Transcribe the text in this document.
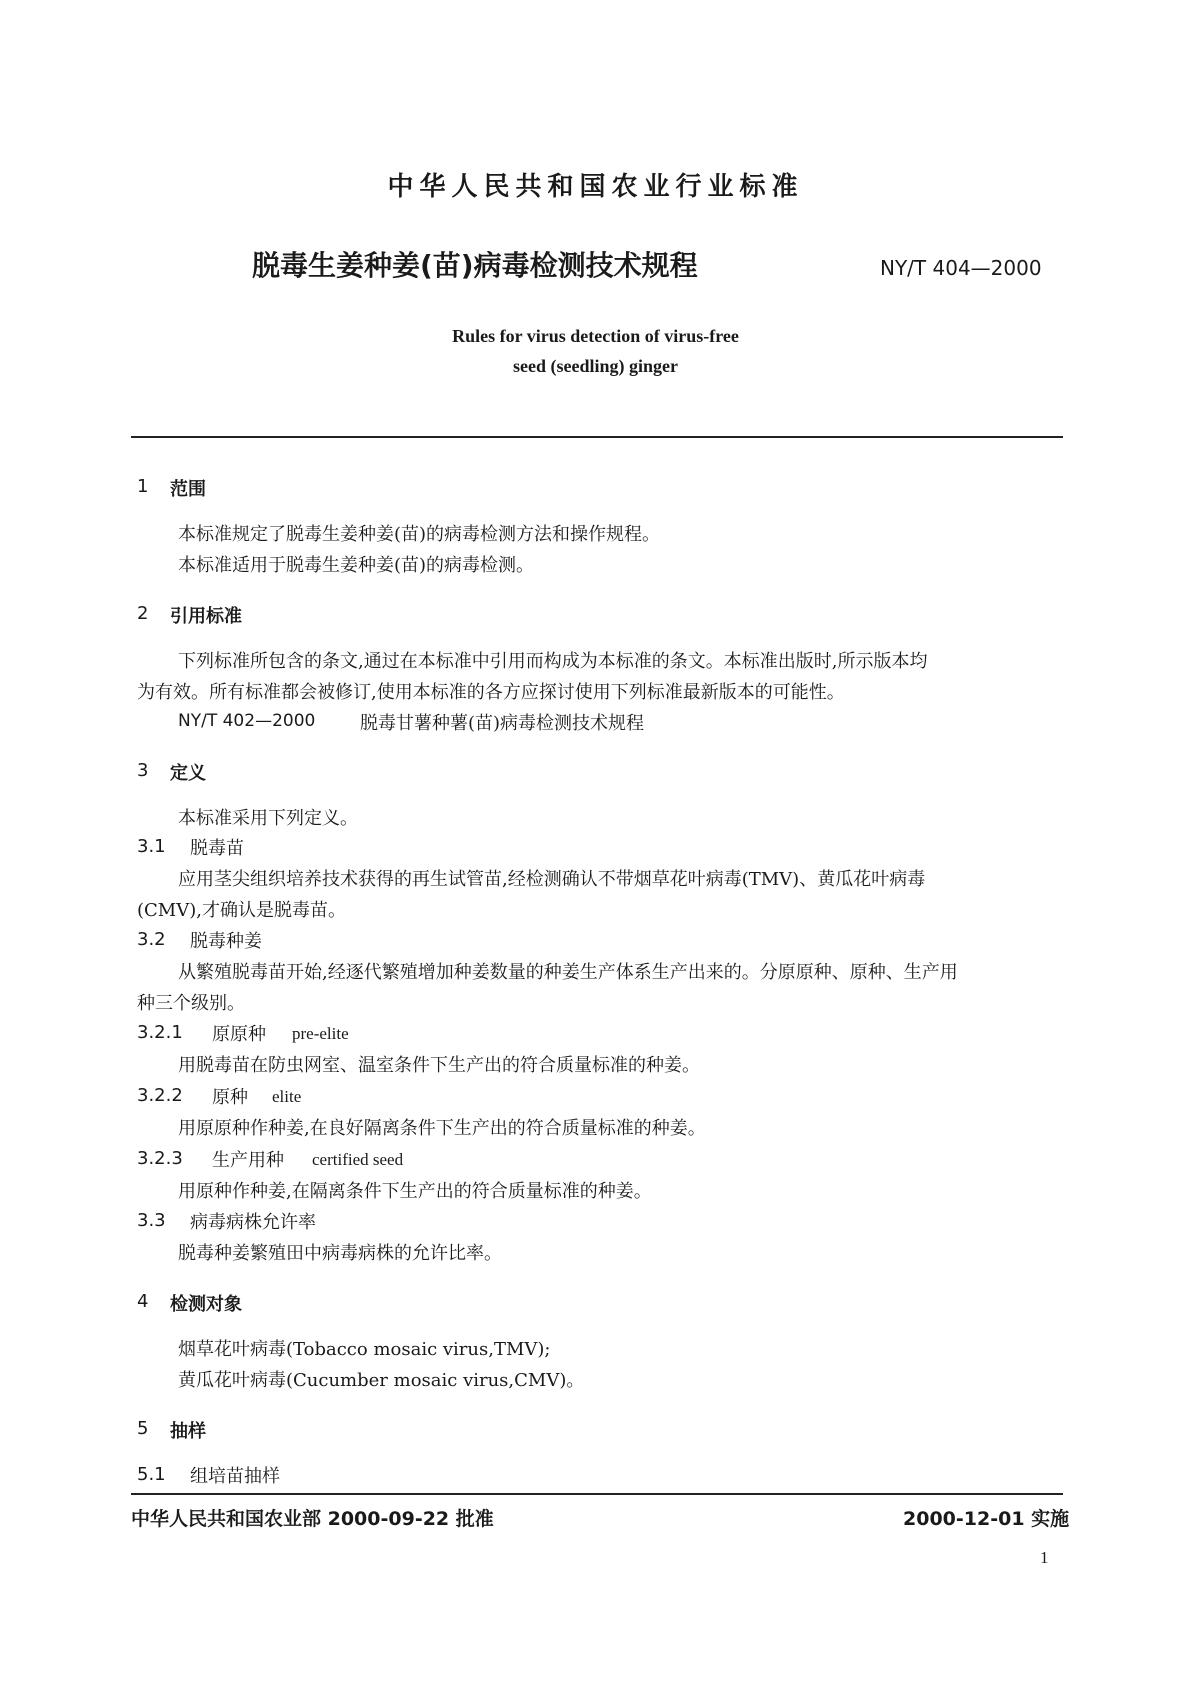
中华人民共和国农业行业标准
脱毒生姜种姜(苗)病毒检测技术规程	NY/T 404—2000
Rules for virus detection of virus-free
seed (seedling) ginger
1 范围
本标准规定了脱毒生姜种姜(苗)的病毒检测方法和操作规程。
本标准适用于脱毒生姜种姜(苗)的病毒检测。
2 引用标准
下列标准所包含的条文,通过在本标准中引用而构成为本标准的条文。本标准出版时,所示版本均
为有效。所有标准都会被修订,使用本标准的各方应探讨使用下列标准最新版本的可能性。
NY/T 402—2000 脱毒甘薯种薯(苗)病毒检测技术规程
3 定义
本标准采用下列定义。
3.1 脱毒苗
应用茎尖组织培养技术获得的再生试管苗,经检测确认不带烟草花叶病毒(TMV)、黄瓜花叶病毒
(CMV),才确认是脱毒苗。
3.2 脱毒种姜
从繁殖脱毒苗开始,经逐代繁殖增加种姜数量的种姜生产体系生产出来的。分原原种、原种、生产用
种三个级别。
3.2.1 原原种 pre-elite
用脱毒苗在防虫网室、温室条件下生产出的符合质量标准的种姜。
3.2.2 原种 elite
用原原种作种姜,在良好隔离条件下生产出的符合质量标准的种姜。
3.2.3 生产用种 certified seed
用原种作种姜,在隔离条件下生产出的符合质量标准的种姜。
3.3 病毒病株允许率
脱毒种姜繁殖田中病毒病株的允许比率。
4 检测对象
烟草花叶病毒(Tobacco mosaic virus,TMV);
黄瓜花叶病毒(Cucumber mosaic virus,CMV)。
5 抽样
5.1 组培苗抽样
中华人民共和国农业部 2000-09-22 批准	2000-12-01 实施
1
